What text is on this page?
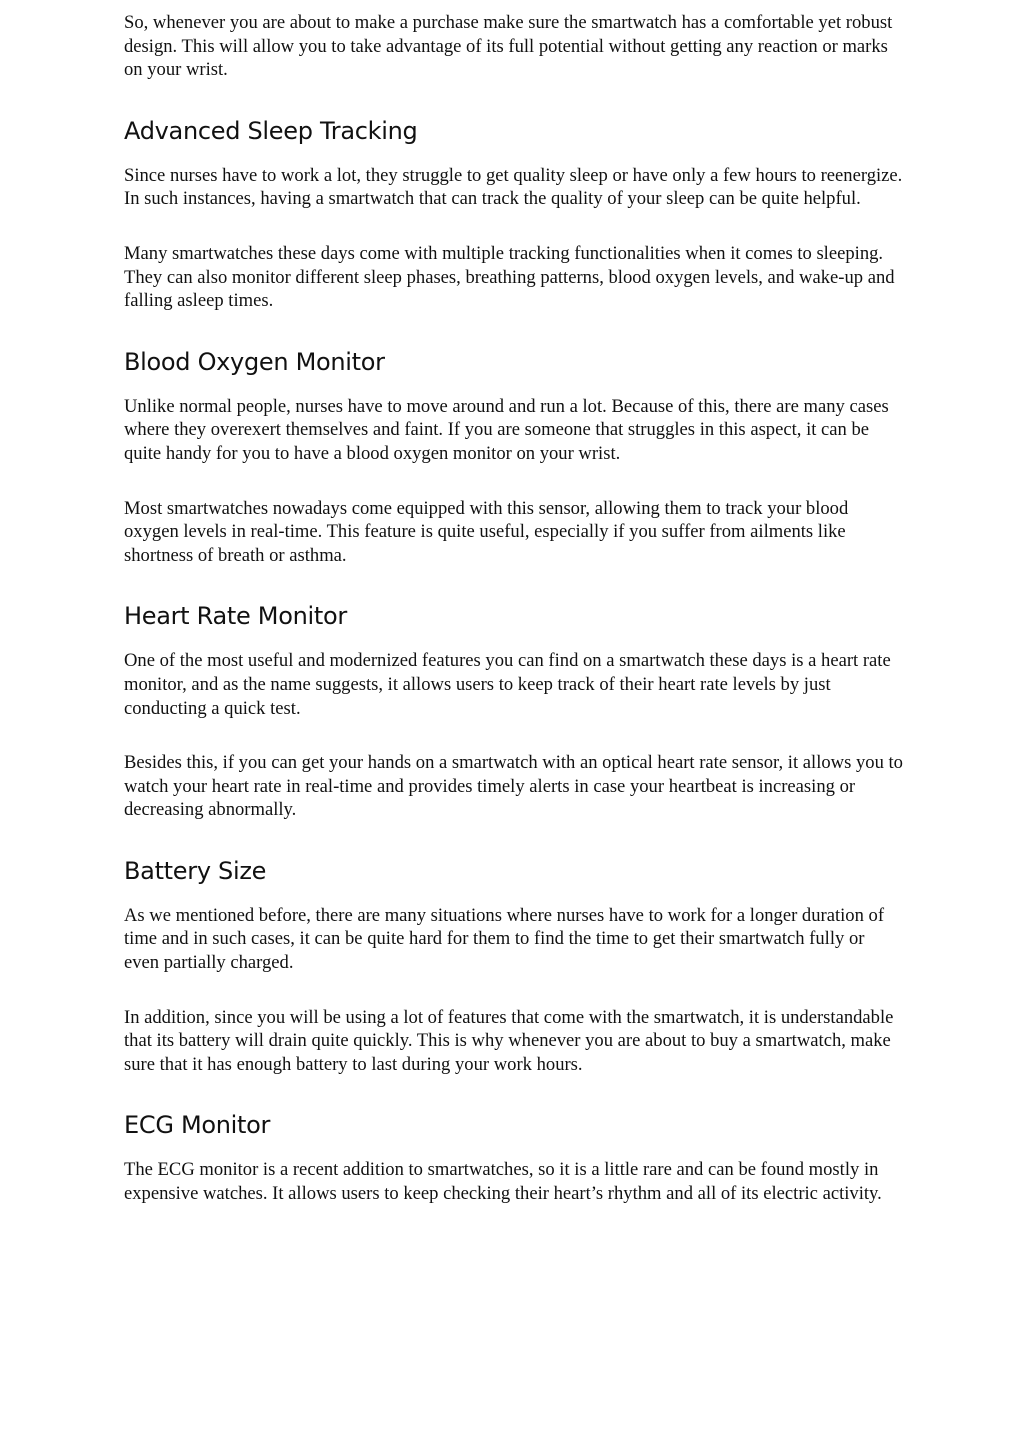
So, whenever you are about to make a purchase make sure the smartwatch has a comfortable yet robust design. This will allow you to take advantage of its full potential without getting any reaction or marks on your wrist.

Advanced Sleep Tracking

Since nurses have to work a lot, they struggle to get quality sleep or have only a few hours to reenergize. In such instances, having a smartwatch that can track the quality of your sleep can be quite helpful.

Many smartwatches these days come with multiple tracking functionalities when it comes to sleeping. They can also monitor different sleep phases, breathing patterns, blood oxygen levels, and wake-up and falling asleep times.

Blood Oxygen Monitor

Unlike normal people, nurses have to move around and run a lot. Because of this, there are many cases where they overexert themselves and faint. If you are someone that struggles in this aspect, it can be quite handy for you to have a blood oxygen monitor on your wrist.

Most smartwatches nowadays come equipped with this sensor, allowing them to track your blood oxygen levels in real-time. This feature is quite useful, especially if you suffer from ailments like shortness of breath or asthma.

Heart Rate Monitor

One of the most useful and modernized features you can find on a smartwatch these days is a heart rate monitor, and as the name suggests, it allows users to keep track of their heart rate levels by just conducting a quick test.

Besides this, if you can get your hands on a smartwatch with an optical heart rate sensor, it allows you to watch your heart rate in real-time and provides timely alerts in case your heartbeat is increasing or decreasing abnormally.

Battery Size

As we mentioned before, there are many situations where nurses have to work for a longer duration of time and in such cases, it can be quite hard for them to find the time to get their smartwatch fully or even partially charged.

In addition, since you will be using a lot of features that come with the smartwatch, it is understandable that its battery will drain quite quickly. This is why whenever you are about to buy a smartwatch, make sure that it has enough battery to last during your work hours.

ECG Monitor

The ECG monitor is a recent addition to smartwatches, so it is a little rare and can be found mostly in expensive watches. It allows users to keep checking their heart’s rhythm and all of its electric activity.
